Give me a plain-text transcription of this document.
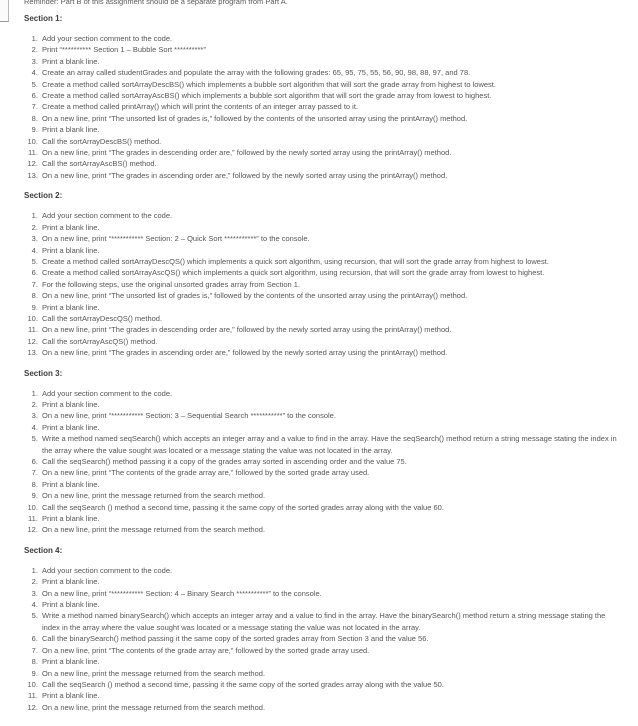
Reminder: Part B of this assignment should be a separate program from Part A.
Section 1:
1. Add your section comment to the code.
2. Print “********** Section 1 – Bubble Sort **********”
3. Print a blank line.
4. Create an array called studentGrades and populate the array with the following grades: 65, 95, 75, 55, 56, 90, 98, 88, 97, and 78.
5. Create a method called sortArrayDescBS() which implements a bubble sort algorithm that will sort the grade array from highest to lowest.
6. Create a method called sortArrayAscBS() which implements a bubble sort algorithm that will sort the grade array from lowest to highest.
7. Create a method called printArray() which will print the contents of an integer array passed to it.
8. On a new line, print “The unsorted list of grades is,” followed by the contents of the unsorted array using the printArray() method.
9. Print a blank line.
10. Call the sortArrayDescBS() method.
11. On a new line, print “The grades in descending order are,” followed by the newly sorted array using the printArray() method.
12. Call the sortArrayAscBS() method.
13. On a new line, print “The grades in ascending order are,” followed by the newly sorted array using the printArray() method.
Section 2:
1. Add your section comment to the code.
2. Print a blank line.
3. On a new line, print “*********** Section: 2 – Quick Sort ***********” to the console.
4. Print a blank line.
5. Create a method called sortArrayDescQS() which implements a quick sort algorithm, using recursion, that will sort the grade array from highest to lowest.
6. Create a method called sortArrayAscQS() which implements a quick sort algorithm, using recursion, that will sort the grade array from lowest to highest.
7. For the following steps, use the original unsorted grades array from Section 1.
8. On a new line, print “The unsorted list of grades is,” followed by the contents of the unsorted array using the printArray() method.
9. Print a blank line.
10. Call the sortArrayDescQS() method.
11. On a new line, print “The grades in descending order are,” followed by the newly sorted array using the printArray() method.
12. Call the sortArrayAscQS() method.
13. On a new line, print “The grades in ascending order are,” followed by the newly sorted array using the printArray() method.
Section 3:
1. Add your section comment to the code.
2. Print a blank line.
3. On a new line, print “*********** Section: 3 – Sequential Search ***********” to the console.
4. Print a blank line.
5. Write a method named seqSearch() which accepts an integer array and a value to find in the array. Have the seqSearch() method return a string message stating the index in the array where the value sought was located or a message stating the value was not located in the array.
6. Call the seqSearch() method passing it a copy of the grades array sorted in ascending order and the value 75.
7. On a new line, print “The contents of the grade array are,” followed by the sorted grade array used.
8. Print a blank line.
9. On a new line, print the message returned from the search method.
10. Call the seqSearch () method a second time, passing it the same copy of the sorted grades array along with the value 60.
11. Print a blank line.
12. On a new line, print the message returned from the search method.
Section 4:
1. Add your section comment to the code.
2. Print a blank line.
3. On a new line, print “*********** Section: 4 – Binary Search ***********” to the console.
4. Print a blank line.
5. Write a method named binarySearch() which accepts an integer array and a value to find in the array. Have the binarySearch() method return a string message stating the index in the array where the value sought was located or a message stating the value was not located in the array.
6. Call the binarySearch() method passing it the same copy of the sorted grades array from Section 3 and the value 56.
7. On a new line, print “The contents of the grade array are,” followed by the sorted grade array used.
8. Print a blank line.
9. On a new line, print the message returned from the search method.
10. Call the seqSearch () method a second time, passing it the same copy of the sorted grades array along with the value 50.
11. Print a blank line.
12. On a new line, print the message returned from the search method.
